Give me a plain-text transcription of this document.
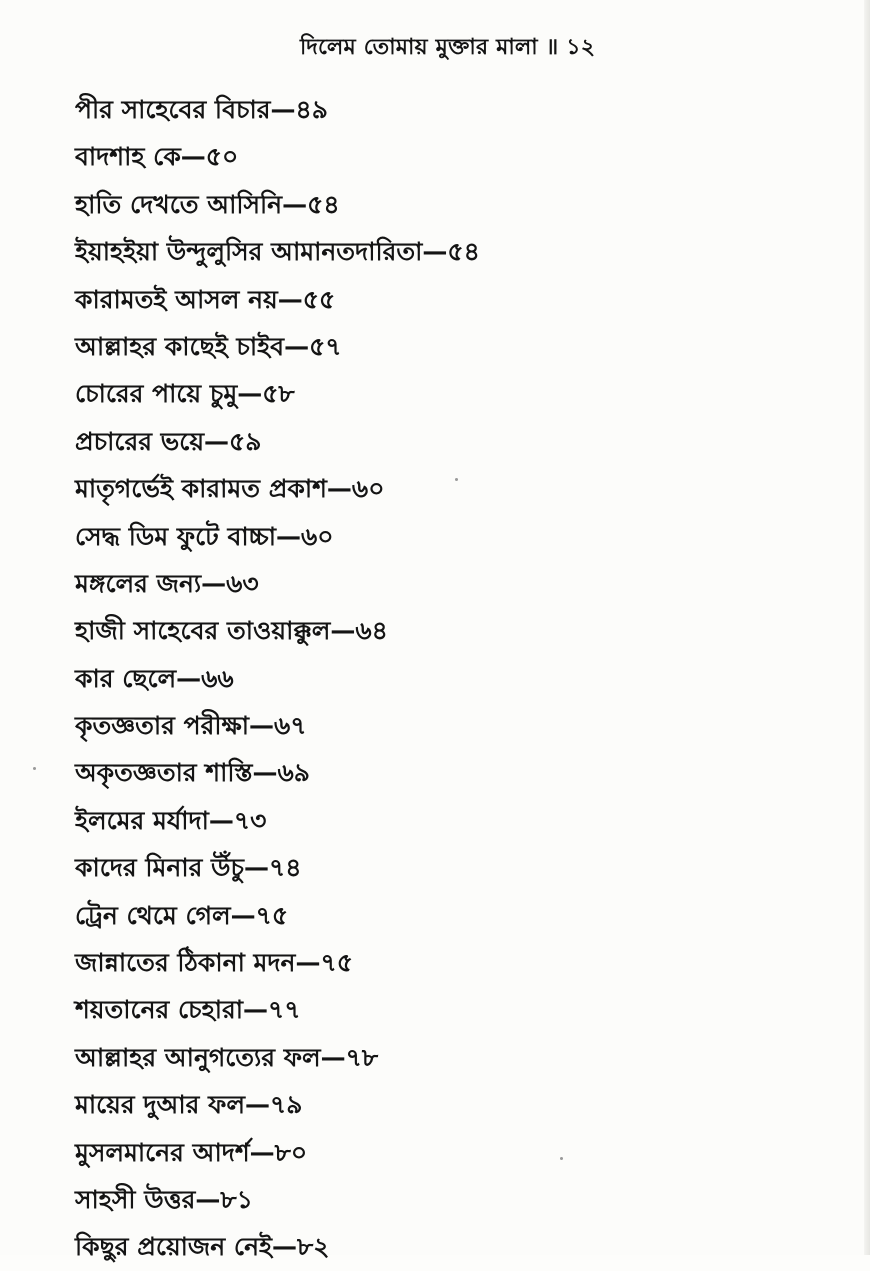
দিলেম তোমায় মুক্তার মালা ॥ ১২
পীর সাহেবের বিচার—৪৯
বাদশাহ কে—৫০
হাতি দেখতে আসিনি—৫৪
ইয়াহইয়া উন্দুলুসির আমানতদারিতা—৫৪
কারামতই আসল নয়—৫৫
আল্লাহর কাছেই চাইব—৫৭
চোরের পায়ে চুমু—৫৮
প্রচারের ভয়ে—৫৯
মাতৃগর্ভেই কারামত প্রকাশ—৬০
সেদ্ধ ডিম ফুটে বাচ্চা—৬০
মঙ্গলের জন্য—৬৩
হাজী সাহেবের তাওয়াক্কুল—৬৪
কার ছেলে—৬৬
কৃতজ্ঞতার পরীক্ষা—৬৭
অকৃতজ্ঞতার শাস্তি—৬৯
ইলমের মর্যাদা—৭৩
কাদের মিনার উঁচু—৭৪
ট্রেন থেমে গেল—৭৫
জান্নাতের ঠিকানা মদন—৭৫
শয়তানের চেহারা—৭৭
আল্লাহর আনুগত্যের ফল—৭৮
মায়ের দুআর ফল—৭৯
মুসলমানের আদর্শ—৮০
সাহসী উত্তর—৮১
কিছুর প্রয়োজন নেই—৮২
